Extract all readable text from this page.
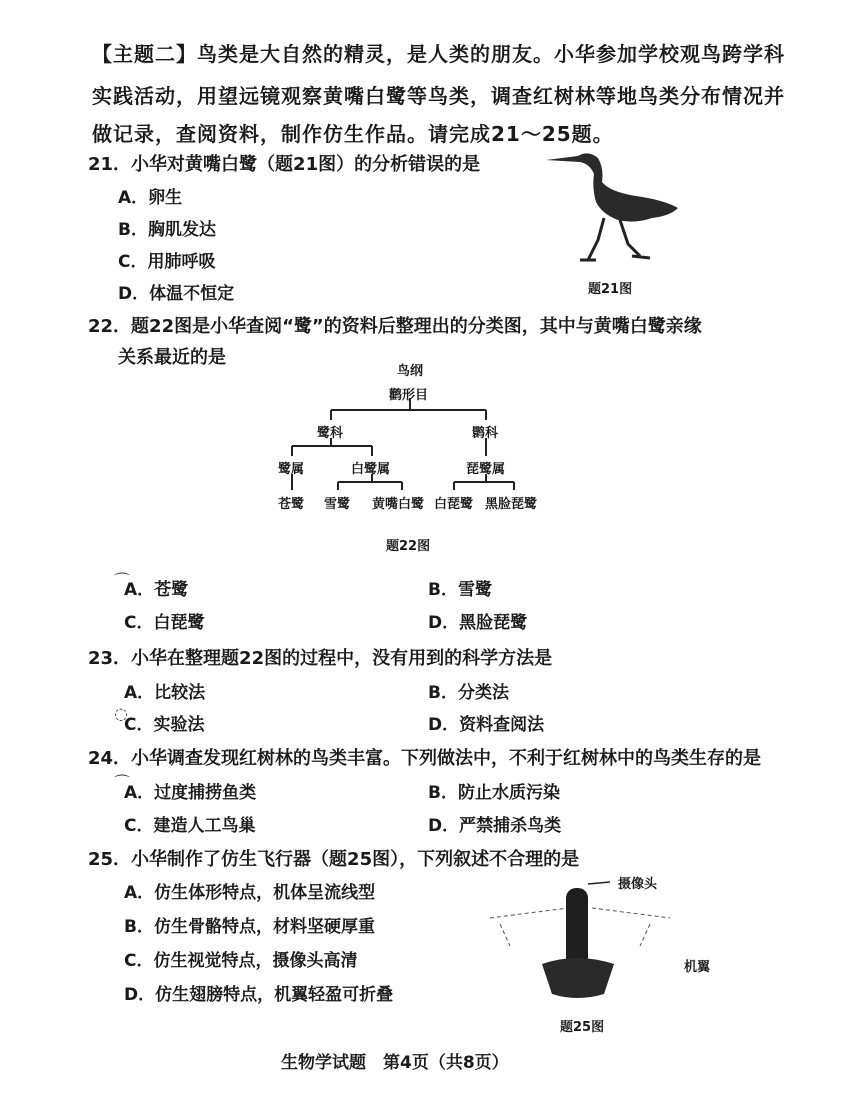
【主题二】鸟类是大自然的精灵，是人类的朋友。小华参加学校观鸟跨学科
实践活动，用望远镜观察黄嘴白鹭等鸟类，调查红树林等地鸟类分布情况并
做记录，查阅资料，制作仿生作品。请完成21～25题。
21．小华对黄嘴白鹭（题21图）的分析错误的是
A．卵生
B．胸肌发达
C．用肺呼吸
D．体温不恒定	题21图
22．题22图是小华查阅“鹭”的资料后整理出的分类图，其中与黄嘴白鹭亲缘
关系最近的是
鸟纲
鹳形目
鹭科	鹮科
鹭属	白鹭属	琵鹭属
苍鹭 雪鹭 黄嘴白鹭 白琵鹭 黑脸琵鹭
题22图
A．苍鹭
⌒	B．雪鹭
C．白琵鹭	D．黑脸琵鹭
23．小华在整理题22图的过程中，没有用到的科学方法是
A．比较法	B．分类法
C．实验法
◌
D．资料查阅法
24．小华调查发现红树林的鸟类丰富。下列做法中，不利于红树林中的鸟类生存的是
A．过度捕捞鱼类
⌒
B．防止水质污染
C．建造人工鸟巢	D．严禁捕杀鸟类
25．小华制作了仿生飞行器（题25图），下列叙述不合理的是
A．仿生体形特点，机体呈流线型
B．仿生骨骼特点，材料坚硬厚重
C．仿生视觉特点，摄像头高清
D．仿生翅膀特点，机翼轻盈可折叠
摄像头
机翼
题25图
生物学试题　第4页（共8页）
